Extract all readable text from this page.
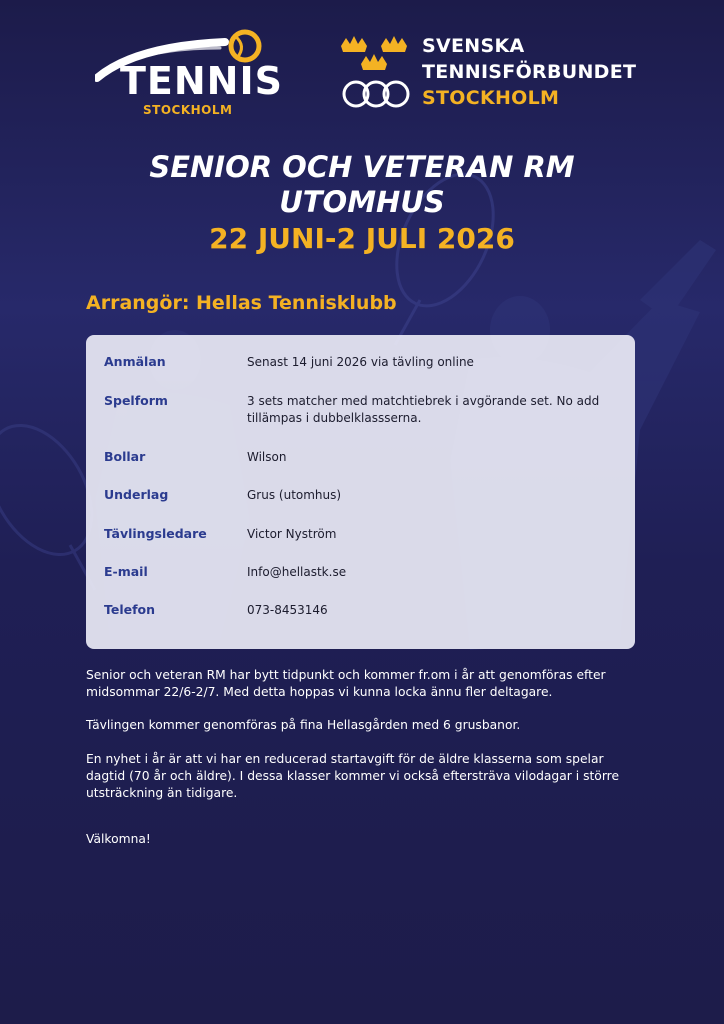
TENNIS

STOCKHOLM

SVENSKA

TENNISFÖRBUNDET

STOCKHOLM

SENIOR OCH VETERAN RM

UTOMHUS

22 JUNI-2 JULI 2026

Arrangör: Hellas Tennisklubb

Anmälan	Senast 14 juni 2026 via tävling online
Spelform	3 sets matcher med matchtiebrek i avgörande set. No add tillämpas i dubbelklassserna.
Bollar	Wilson
Underlag	Grus (utomhus)
Tävlingsledare	Victor Nyström
E-mail	Info@hellastk.se
Telefon	073-8453146

Senior och veteran RM har bytt tidpunkt och kommer fr.om i år att genomföras efter midsommar 22/6-2/7. Med detta hoppas vi kunna locka ännu fler deltagare.

Tävlingen kommer genomföras på fina Hellasgården med 6 grusbanor.

En nyhet i år är att vi har en reducerad startavgift för de äldre klasserna som spelar dagtid (70 år och äldre). I dessa klasser kommer vi också eftersträva vilodagar i större utsträckning än tidigare.

Välkomna!
